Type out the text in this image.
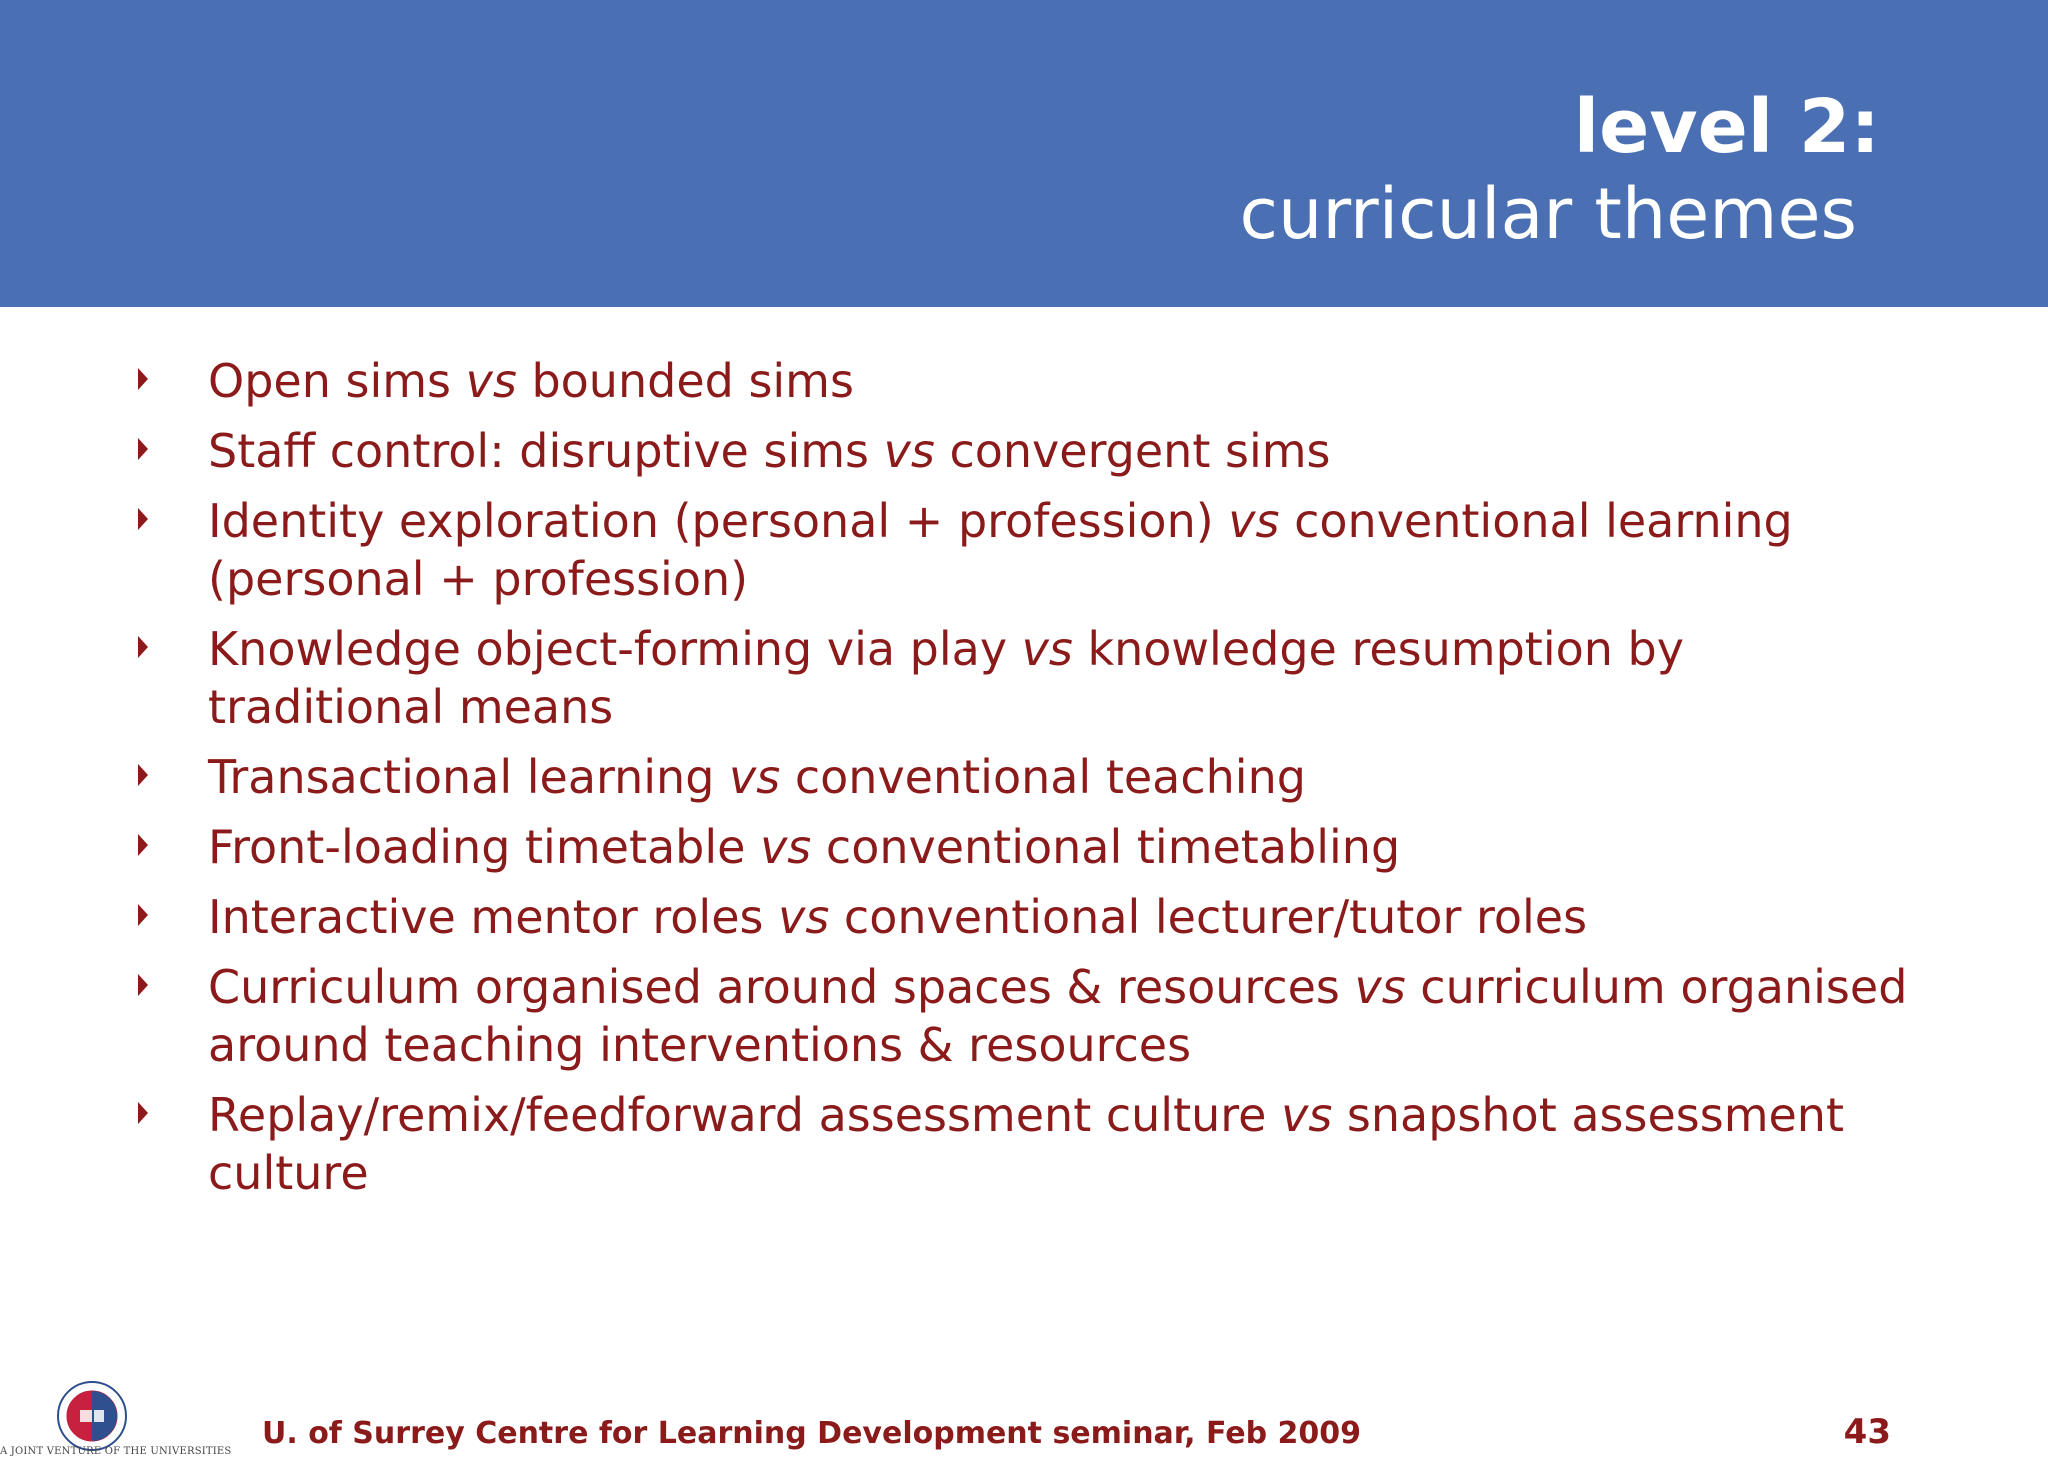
level 2:
curricular themes
Open sims vs bounded sims
Staff control: disruptive sims vs convergent sims
Identity exploration (personal + profession) vs conventional learning (personal + profession)
Knowledge object-forming via play vs knowledge resumption by traditional means
Transactional learning vs conventional teaching
Front-loading timetable vs conventional timetabling
Interactive mentor roles vs conventional lecturer/tutor roles
Curriculum organised around spaces & resources vs curriculum organised around teaching interventions & resources
Replay/remix/feedforward assessment culture vs snapshot assessment culture
A JOINT VENTURE OF THE UNIVERSITIES
U. of Surrey Centre for Learning Development seminar, Feb 2009	43
